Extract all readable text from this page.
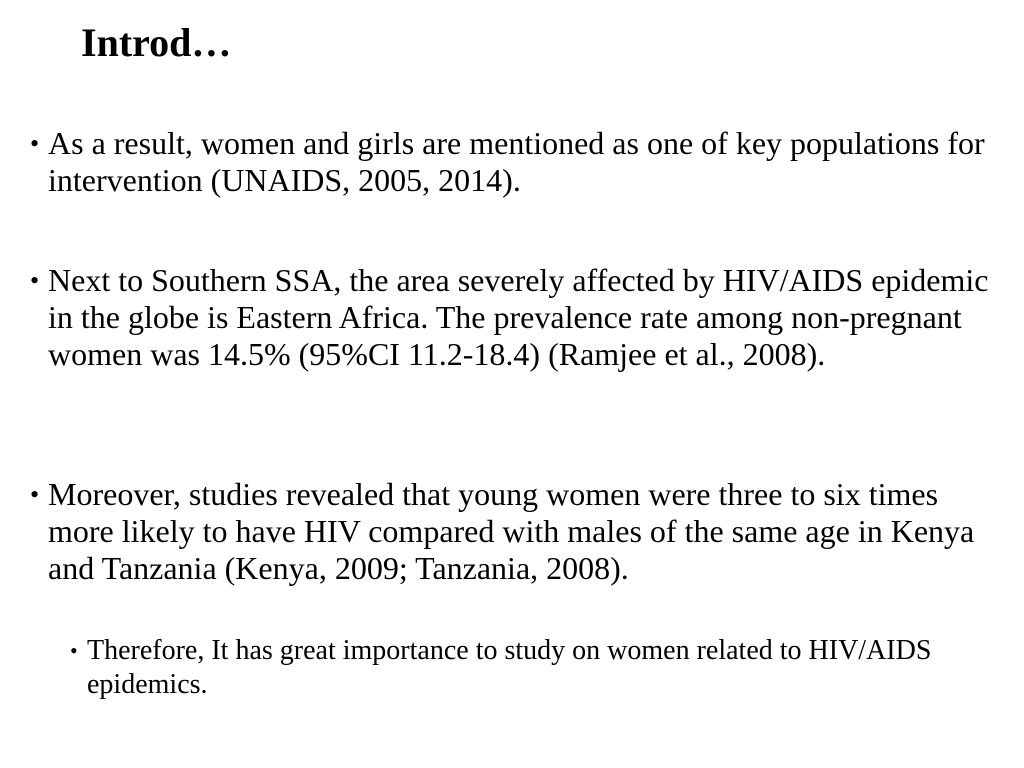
Introd…
• As a result, women and girls are mentioned as one of key populations for intervention (UNAIDS, 2005, 2014).
• Next to Southern SSA, the area severely affected by HIV/AIDS epidemic in the globe is Eastern Africa. The prevalence rate among non-pregnant women was 14.5% (95%CI 11.2-18.4) (Ramjee et al., 2008).
• Moreover, studies revealed that young women were three to six times more likely to have HIV compared with males of the same age in Kenya and Tanzania (Kenya, 2009; Tanzania, 2008).
• Therefore, It has great importance to study on women related to HIV/AIDS epidemics.
